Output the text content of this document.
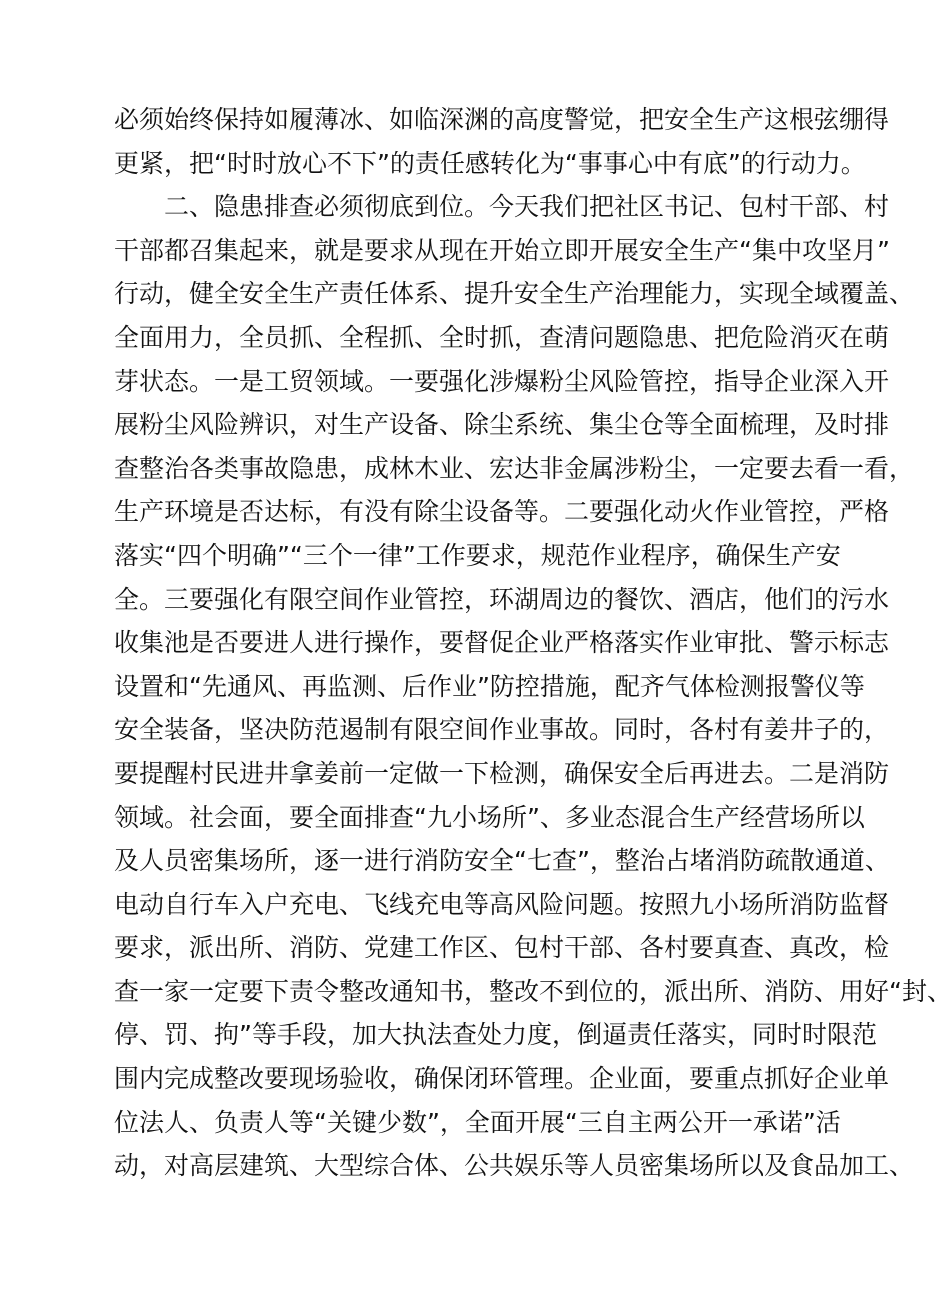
必须始终保持如履薄冰、如临深渊的高度警觉，把安全生产这根弦绷得
更紧，把“时时放心不下”的责任感转化为“事事心中有底”的行动力。
二、隐患排查必须彻底到位。今天我们把社区书记、包村干部、村
干部都召集起来，就是要求从现在开始立即开展安全生产“集中攻坚月”
行动，健全安全生产责任体系、提升安全生产治理能力，实现全域覆盖、
全面用力，全员抓、全程抓、全时抓，查清问题隐患、把危险消灭在萌
芽状态。一是工贸领域。一要强化涉爆粉尘风险管控，指导企业深入开
展粉尘风险辨识，对生产设备、除尘系统、集尘仓等全面梳理，及时排
查整治各类事故隐患，成林木业、宏达非金属涉粉尘，一定要去看一看，
生产环境是否达标，有没有除尘设备等。二要强化动火作业管控，严格
落实“四个明确”“三个一律”工作要求，规范作业程序，确保生产安
全。三要强化有限空间作业管控，环湖周边的餐饮、酒店，他们的污水
收集池是否要进人进行操作，要督促企业严格落实作业审批、警示标志
设置和“先通风、再监测、后作业”防控措施，配齐气体检测报警仪等
安全装备，坚决防范遏制有限空间作业事故。同时，各村有姜井子的，
要提醒村民进井拿姜前一定做一下检测，确保安全后再进去。二是消防
领域。社会面，要全面排查“九小场所”、多业态混合生产经营场所以
及人员密集场所，逐一进行消防安全“七查”，整治占堵消防疏散通道、
电动自行车入户充电、飞线充电等高风险问题。按照九小场所消防监督
要求，派出所、消防、党建工作区、包村干部、各村要真查、真改，检
查一家一定要下责令整改通知书，整改不到位的，派出所、消防、用好“封、
停、罚、拘”等手段，加大执法查处力度，倒逼责任落实，同时时限范
围内完成整改要现场验收，确保闭环管理。企业面，要重点抓好企业单
位法人、负责人等“关键少数”，全面开展“三自主两公开一承诺”活
动，对高层建筑、大型综合体、公共娱乐等人员密集场所以及食品加工、
